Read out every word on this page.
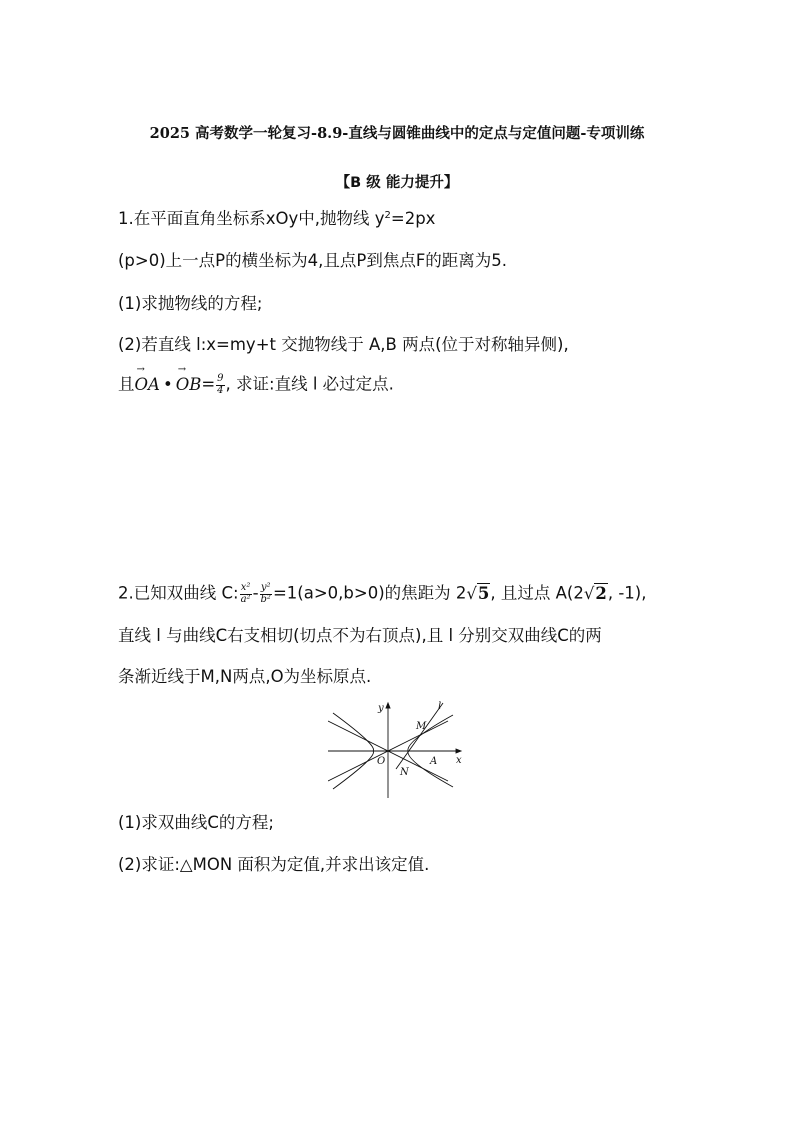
2025 高考数学一轮复习-8.9-直线与圆锥曲线中的定点与定值问题-专项训练
【B 级 能力提升】
1.在平面直角坐标系xOy中,抛物线 $y^2=2px$
(p>0)上一点P的横坐标为4,且点P到焦点F的距离为5.
(1)求抛物线的方程;
(2)若直线 l:x=my+t 交抛物线于 A,B 两点(位于对称轴异侧),
且→ OA •→ $OB= \frac{9}{4}$ , 求证:直线 l 必过定点.
2.已知双曲线 C: $\frac{\text{x²}}{\text{a²}} - \frac{\text{y²}}{\text{b²}} =1(a>0,b>0)$的焦距为 2√5, 且过点 A(2√2, -1),
直线 l 与曲线C右支相切(切点不为右顶点),且 l 分别交双曲线C的两
条渐近线于M,N两点,O为坐标原点.
y
x
O
l
M
N
A
(1)求双曲线C的方程;
(2)求证:△MON 面积为定值,并求出该定值.
